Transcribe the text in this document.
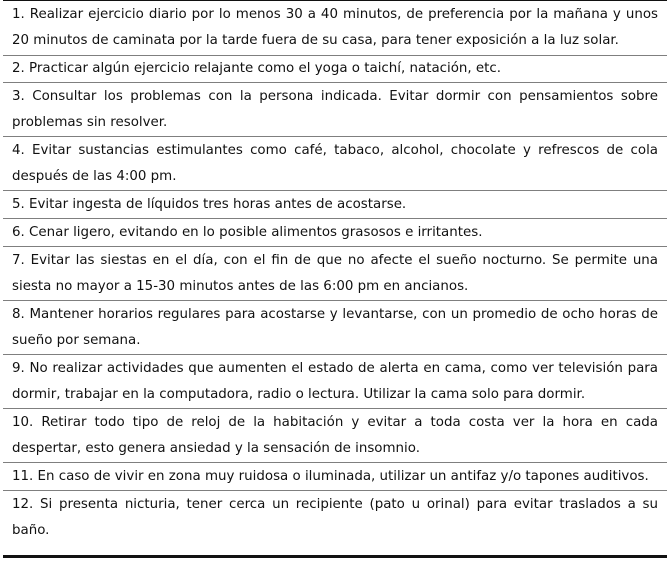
1. Realizar ejercicio diario por lo menos 30 a 40 minutos, de preferencia por la mañana y unos 20 minutos de caminata por la tarde fuera de su casa, para tener exposición a la luz solar.

2. Practicar algún ejercicio relajante como el yoga o taichí, natación, etc.

3. Consultar los problemas con la persona indicada. Evitar dormir con pensamientos sobre problemas sin resolver.

4. Evitar sustancias estimulantes como café, tabaco, alcohol, chocolate y refrescos de cola después de las 4:00 pm.

5. Evitar ingesta de líquidos tres horas antes de acostarse.

6. Cenar ligero, evitando en lo posible alimentos grasosos e irritantes.

7. Evitar las siestas en el día, con el fin de que no afecte el sueño nocturno. Se permite una siesta no mayor a 15-30 minutos antes de las 6:00 pm en ancianos.

8. Mantener horarios regulares para acostarse y levantarse, con un promedio de ocho horas de sueño por semana.

9. No realizar actividades que aumenten el estado de alerta en cama, como ver televisión para dormir, trabajar en la computadora, radio o lectura. Utilizar la cama solo para dormir.

10. Retirar todo tipo de reloj de la habitación y evitar a toda costa ver la hora en cada despertar, esto genera ansiedad y la sensación de insomnio.

11. En caso de vivir en zona muy ruidosa o iluminada, utilizar un antifaz y/o tapones auditivos.

12. Si presenta nicturia, tener cerca un recipiente (pato u orinal) para evitar traslados a su baño.
